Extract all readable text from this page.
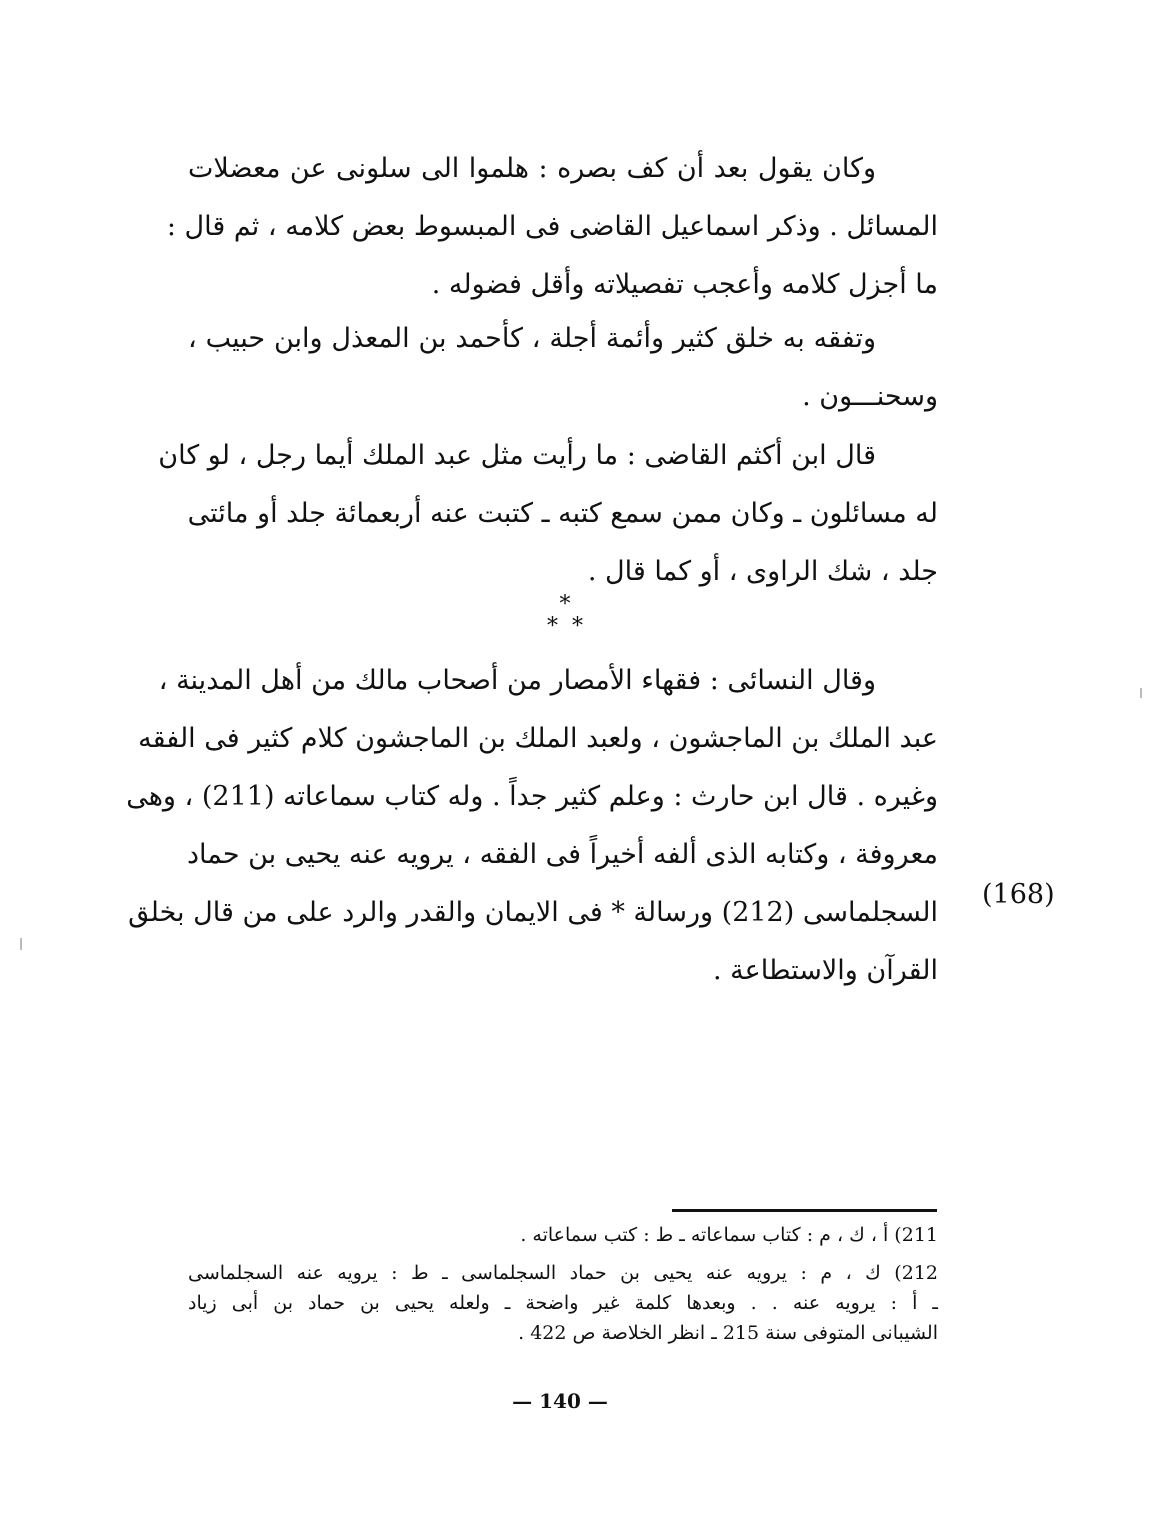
وكان يقول بعد أن كف بصره : هلموا الى سلونى عن معضلات
المسائل . وذكر اسماعيل القاضى فى المبسوط بعض كلامه ، ثم قال :
ما أجزل كلامه وأعجب تفصيلاته وأقل فضوله .
وتفقه به خلق كثير وأئمة أجلة ، كأحمد بن المعذل وابن حبيب ،
وسحنـــون .
قال ابن أكثم القاضى : ما رأيت مثل عبد الملك أيما رجل ، لو كان
له مسائلون ـ وكان ممن سمع كتبه ـ كتبت عنه أربعمائة جلد أو مائتى
جلد ، شك الراوى ، أو كما قال .
*
**
وقال النسائى : فقهاء الأمصار من أصحاب مالك من أهل المدينة ،
عبد الملك بن الماجشون ، ولعبد الملك بن الماجشون كلام كثير فى الفقه
وغيره . قال ابن حارث : وعلم كثير جداً . وله كتاب سماعاته (211) ، وهى
معروفة ، وكتابه الذى ألفه أخيراً فى الفقه ، يرويه عنه يحيى بن حماد
السجلماسى (212) ورسالة * فى الايمان والقدر والرد على من قال بخلق
القرآن والاستطاعة .
(168)
211) أ ، ك ، م : كتاب سماعاته ـ ط : كتب سماعاته .
212) ك ، م : يرويه عنه يحيى بن حماد السجلماسى ـ ط : يرويه عنه السجلماسى
ـ أ : يرويه عنه . . وبعدها كلمة غير واضحة ـ ولعله يحيى بن حماد بن أبى زياد
الشيبانى المتوفى سنة 215 ـ انظر الخلاصة ص 422 .
— 140 —
